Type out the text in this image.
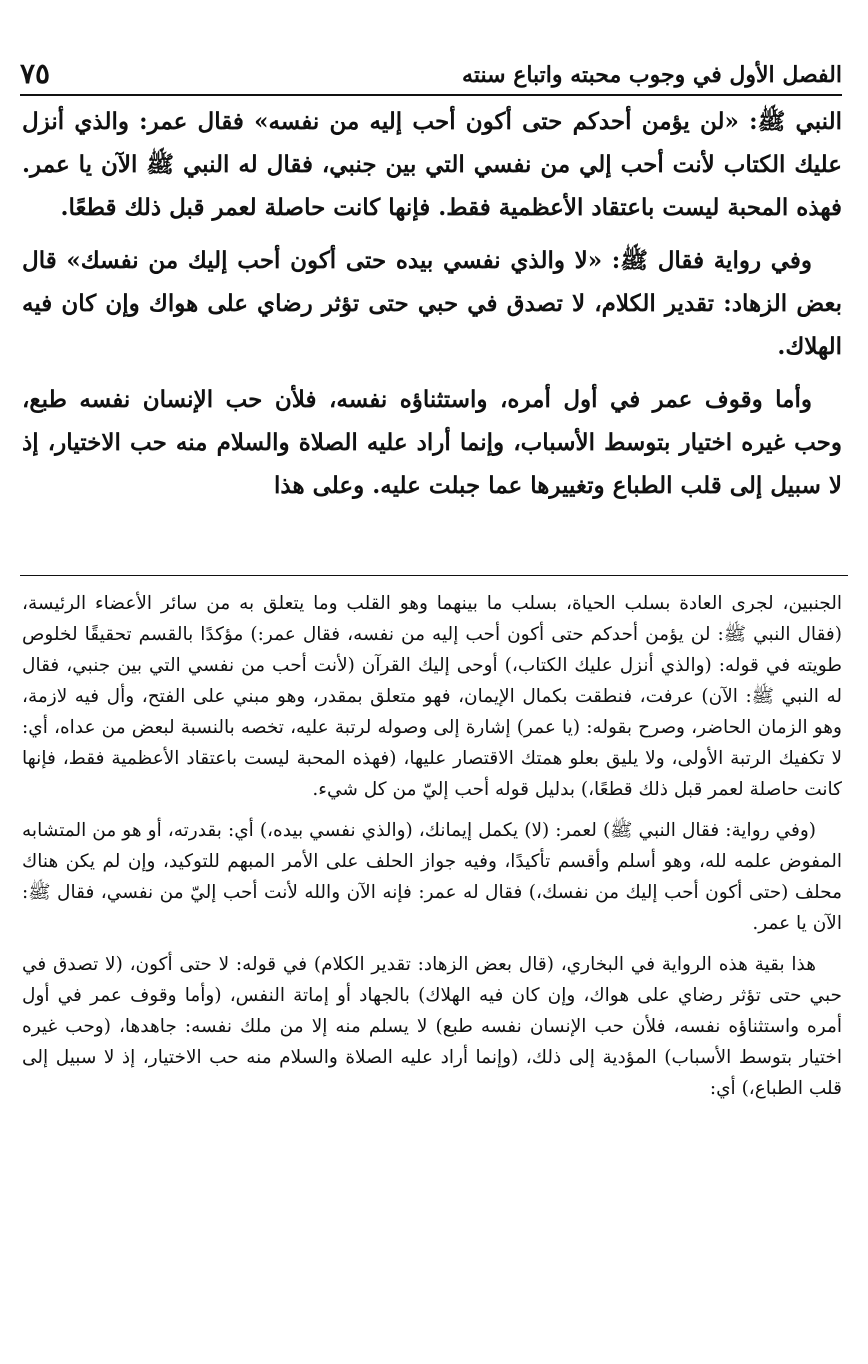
الفصل الأول في وجوب محبته واتباع سنته
٧٥

النبي ﷺ: «لن يؤمن أحدكم حتى أكون أحب إليه من نفسه» فقال عمر: والذي أنزل عليك الكتاب لأنت أحب إلي من نفسي التي بين جنبي، فقال له النبي ﷺ الآن يا عمر. فهذه المحبة ليست باعتقاد الأعظمية فقط. فإنها كانت حاصلة لعمر قبل ذلك قطعًا.

وفي رواية فقال ﷺ: «لا والذي نفسي بيده حتى أكون أحب إليك من نفسك» قال بعض الزهاد: تقدير الكلام، لا تصدق في حبي حتى تؤثر رضاي على هواك وإن كان فيه الهلاك.

وأما وقوف عمر في أول أمره، واستثناؤه نفسه، فلأن حب الإنسان نفسه طبع، وحب غيره اختيار بتوسط الأسباب، وإنما أراد عليه الصلاة والسلام منه حب الاختيار، إذ لا سبيل إلى قلب الطباع وتغييرها عما جبلت عليه. وعلى هذا

الجنبين، لجرى العادة بسلب الحياة، بسلب ما بينهما وهو القلب وما يتعلق به من سائر الأعضاء الرئيسة، (فقال النبي ﷺ: لن يؤمن أحدكم حتى أكون أحب إليه من نفسه، فقال عمر:) مؤكدًا بالقسم تحقيقًا لخلوص طويته في قوله: (والذي أنزل عليك الكتاب،) أوحى إليك القرآن (لأنت أحب من نفسي التي بين جنبي، فقال له النبي ﷺ: الآن) عرفت، فنطقت بكمال الإيمان، فهو متعلق بمقدر، وهو مبني على الفتح، وأل فيه لازمة، وهو الزمان الحاضر، وصرح بقوله: (يا عمر) إشارة إلى وصوله لرتبة عليه، تخصه بالنسبة لبعض من عداه، أي: لا تكفيك الرتبة الأولى، ولا يليق بعلو همتك الاقتصار عليها، (فهذه المحبة ليست باعتقاد الأعظمية فقط، فإنها كانت حاصلة لعمر قبل ذلك قطعًا،) بدليل قوله أحب إليّ من كل شيء.

(وفي رواية: فقال النبي ﷺ) لعمر: (لا) يكمل إيمانك، (والذي نفسي بيده،) أي: بقدرته، أو هو من المتشابه المفوض علمه لله، وهو أسلم وأقسم تأكيدًا، وفيه جواز الحلف على الأمر المبهم للتوكيد، وإن لم يكن هناك محلف (حتى أكون أحب إليك من نفسك،) فقال له عمر: فإنه الآن والله لأنت أحب إليّ من نفسي، فقال ﷺ: الآن يا عمر.

هذا بقية هذه الرواية في البخاري، (قال بعض الزهاد: تقدير الكلام) في قوله: لا حتى أكون، (لا تصدق في حبي حتى تؤثر رضاي على هواك، وإن كان فيه الهلاك) بالجهاد أو إماتة النفس، (وأما وقوف عمر في أول أمره واستثناؤه نفسه، فلأن حب الإنسان نفسه طبع) لا يسلم منه إلا من ملك نفسه: جاهدها، (وحب غيره اختيار بتوسط الأسباب) المؤدية إلى ذلك، (وإنما أراد عليه الصلاة والسلام منه حب الاختيار، إذ لا سبيل إلى قلب الطباع،) أي:
